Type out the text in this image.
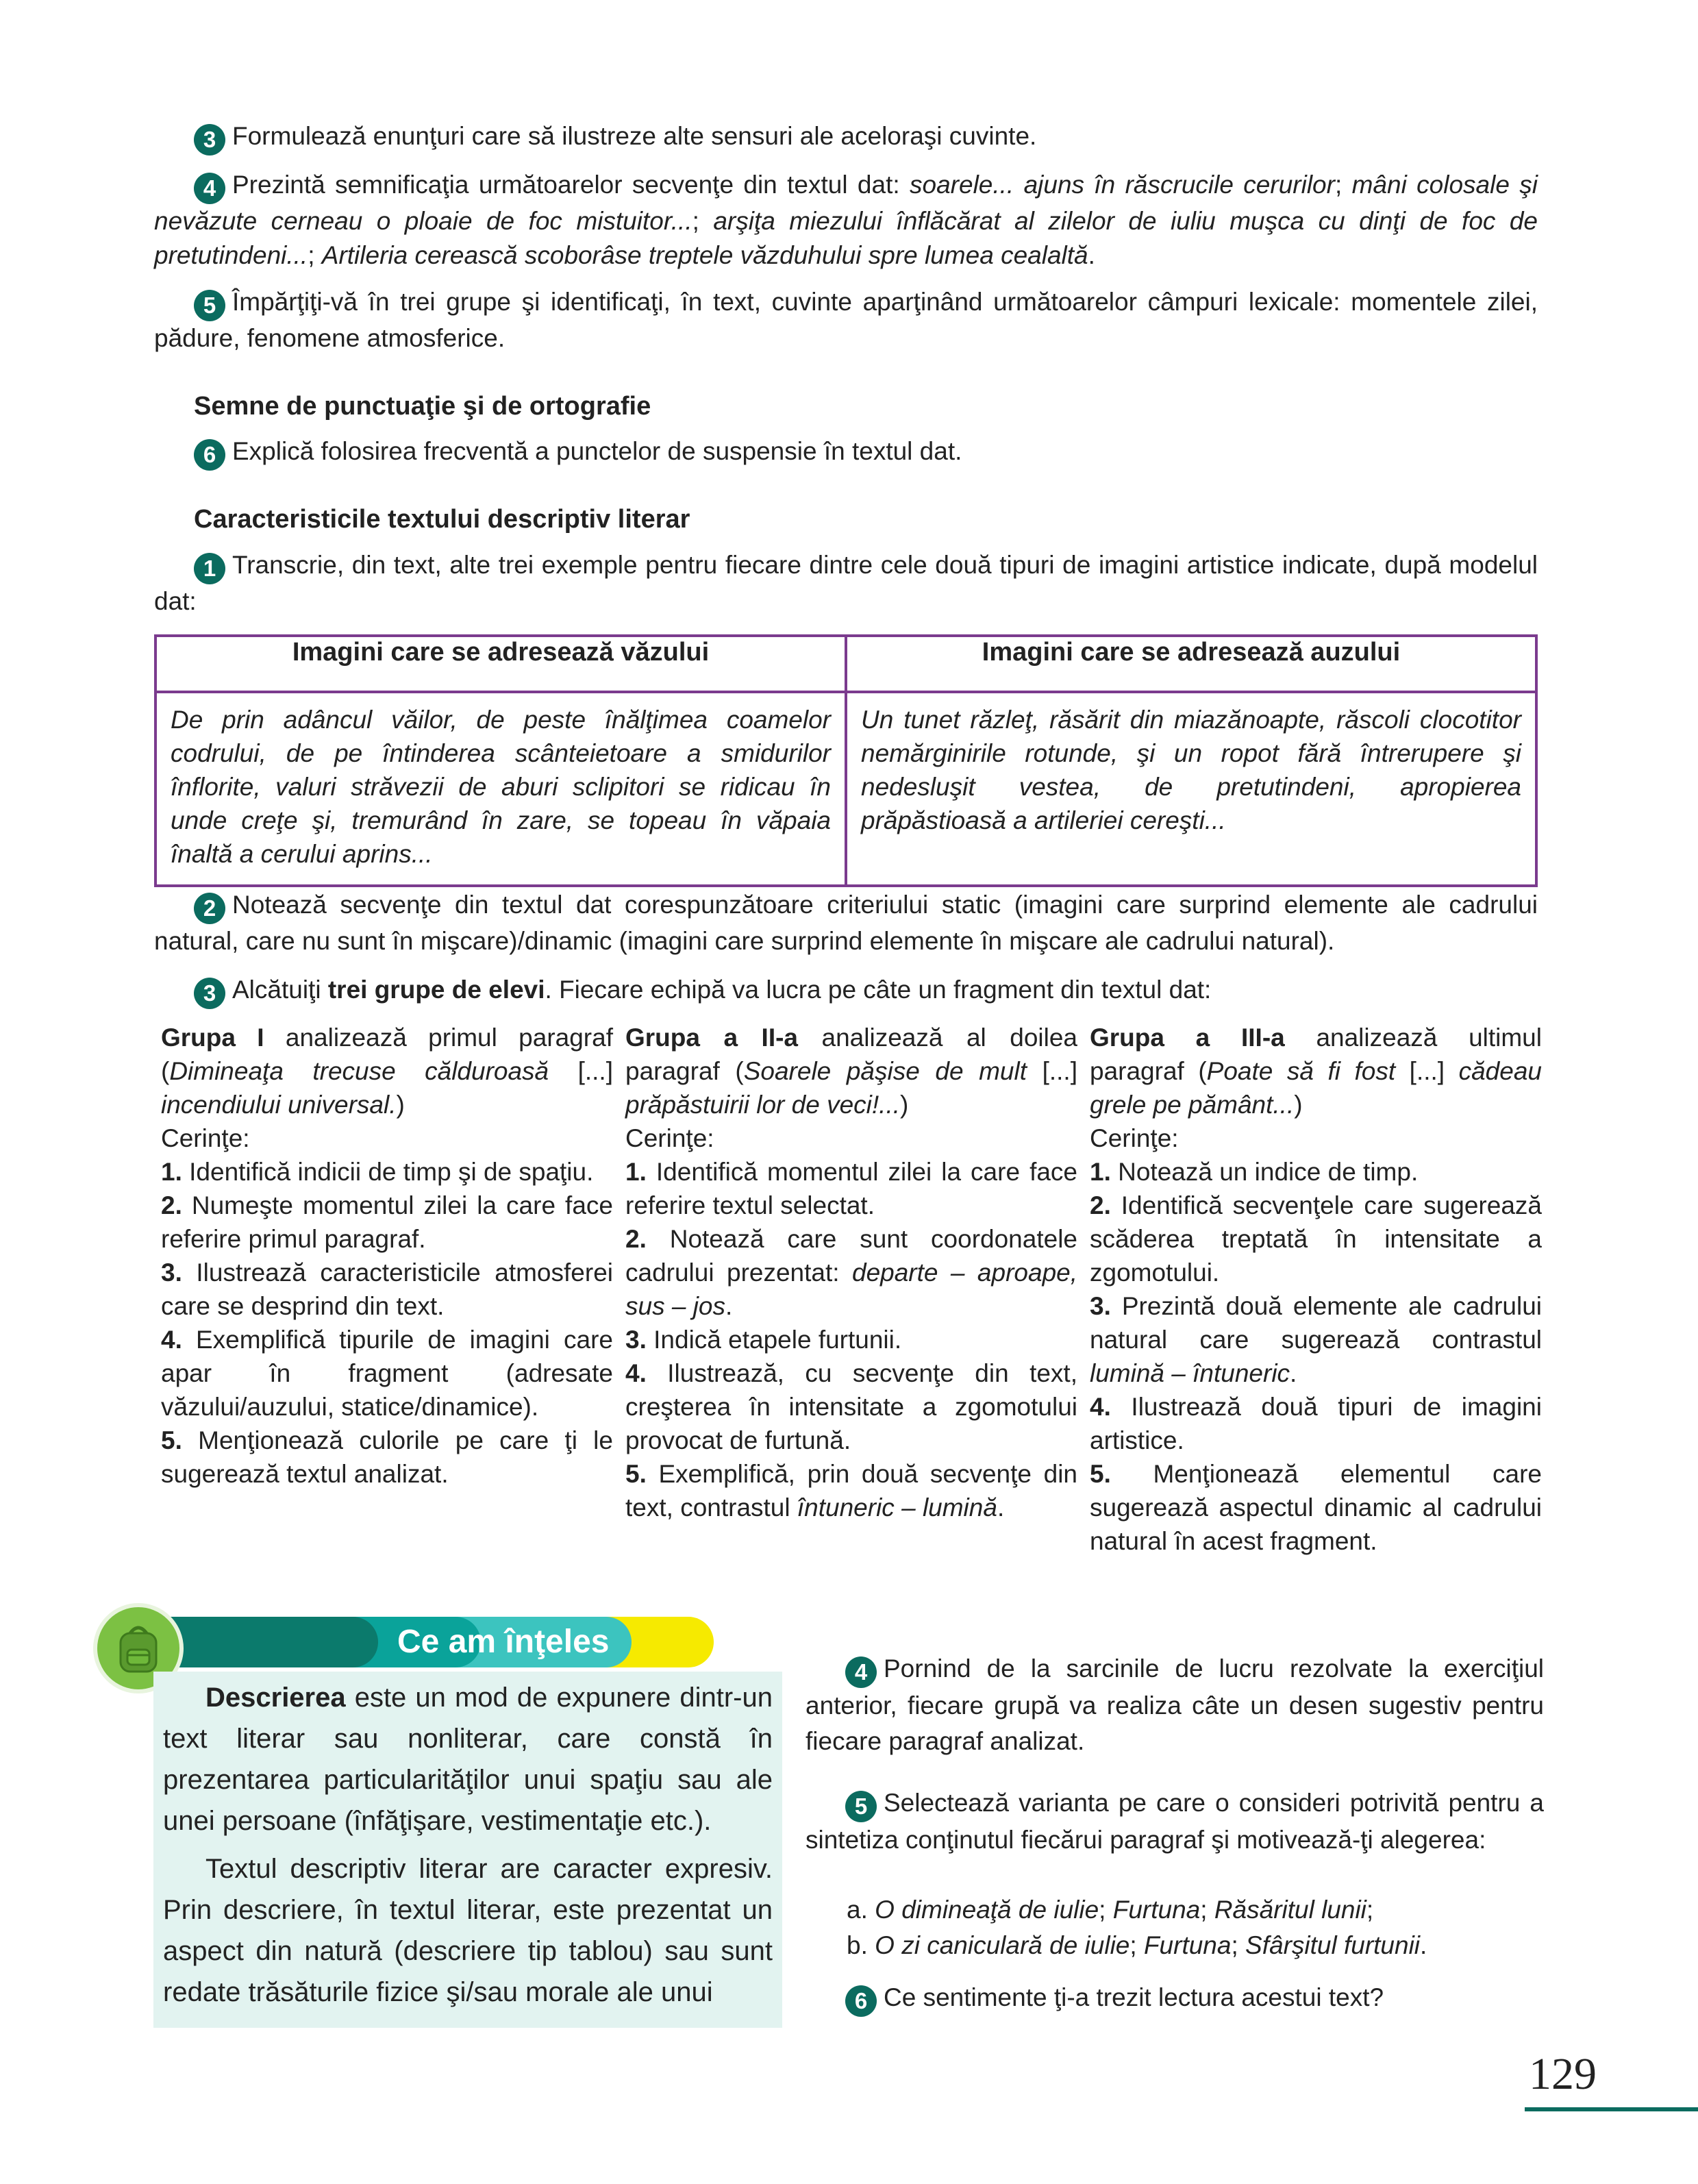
3 Formulează enunţuri care să ilustreze alte sensuri ale aceloraşi cuvinte.
4 Prezintă semnificaţia următoarelor secvenţe din textul dat: soarele... ajuns în răscrucile cerurilor; mâni colosale şi nevăzute cerneau o ploaie de foc mistuitor...; arşiţa miezului înflăcărat al zilelor de iuliu muşca cu dinţi de foc de pretutindeni...; Artileria cerească scoborâse treptele văzduhului spre lumea cealaltă.
5 Împărţiţi-vă în trei grupe şi identificaţi, în text, cuvinte aparţinând următoarelor câmpuri lexicale: momentele zilei, pădure, fenomene atmosferice.
Semne de punctuaţie şi de ortografie
6 Explică folosirea frecventă a punctelor de suspensie în textul dat.
Caracteristicile textului descriptiv literar
1 Transcrie, din text, alte trei exemple pentru fiecare dintre cele două tipuri de imagini artistice indicate, după modelul dat:
Imagini care se adresează văzului	Imagini care se adresează auzului
De prin adâncul văilor, de peste înălţimea coamelor codrului, de pe întinderea scânteietoare a smidurilor înflorite, valuri străvezii de aburi sclipitori se ridicau în unde creţe şi, tremurând în zare, se topeau în văpaia înaltă a cerului aprins...	Un tunet răzleţ, răsărit din miazănoapte, răscoli clocotitor nemărginirile rotunde, şi un ropot fără întrerupere şi nedesluşit vestea, de pretutindeni, apropierea prăpăstioasă a artileriei cereşti...
2 Notează secvenţe din textul dat corespunzătoare criteriului static (imagini care surprind elemente ale cadrului natural, care nu sunt în mişcare)/dinamic (imagini care surprind elemente în mişcare ale cadrului natural).
3 Alcătuiţi trei grupe de elevi. Fiecare echipă va lucra pe câte un fragment din textul dat:

Grupa I analizează primul paragraf (Dimineaţa trecuse călduroasă [...] incendiului universal.)

Cerinţe:

1. Identifică indicii de timp şi de spaţiu.

2. Numeşte momentul zilei la care face referire primul paragraf.

3. Ilustrează caracteristicile atmosferei care se desprind din text.

4. Exemplifică tipurile de imagini care apar în fragment (adresate văzului/auzului, statice/dinamice).

5. Menţionează culorile pe care ţi le sugerează textul analizat.

Grupa a II-a analizează al doilea paragraf (Soarele păşise de mult [...] prăpăstuirii lor de veci!...)

Cerinţe:

1. Identifică momentul zilei la care face referire textul selectat.

2. Notează care sunt coordonatele cadrului prezentat: departe – aproape, sus – jos.

3. Indică etapele furtunii.

4. Ilustrează, cu secvenţe din text, creşterea în intensitate a zgomotului provocat de furtună.

5. Exemplifică, prin două secvenţe din text, contrastul întuneric – lumină.

Grupa a III-a analizează ultimul paragraf (Poate să fi fost [...] cădeau grele pe pământ...)

Cerinţe:

1. Notează un indice de timp.

2. Identifică secvenţele care sugerează scăderea treptată în intensitate a zgomotului.

3. Prezintă două elemente ale cadrului natural care sugerează contrastul lumină – întuneric.

4. Ilustrează două tipuri de imagini artistice.

5. Menţionează elementul care sugerează aspectul dinamic al cadrului natural în acest fragment.

Ce am înţeles

Descrierea este un mod de expunere dintr-un text literar sau nonliterar, care constă în prezentarea particularităţilor unui spaţiu sau ale unei persoane (înfăţişare, vestimentaţie etc.).

Textul descriptiv literar are caracter expresiv. Prin descriere, în textul literar, este prezentat un aspect din natură (descriere tip tablou) sau sunt redate trăsăturile fizice şi/sau morale ale unui

4 Pornind de la sarcinile de lucru rezolvate la exerciţiul anterior, fiecare grupă va realiza câte un desen sugestiv pentru fiecare paragraf analizat.
5 Selectează varianta pe care o consideri potrivită pentru a sintetiza conţinutul fiecărui paragraf şi motivează-ţi alegerea:
a. O dimineaţă de iulie; Furtuna; Răsăritul lunii;
b. O zi caniculară de iulie; Furtuna; Sfârşitul furtunii.
6 Ce sentimente ţi-a trezit lectura acestui text?
129
